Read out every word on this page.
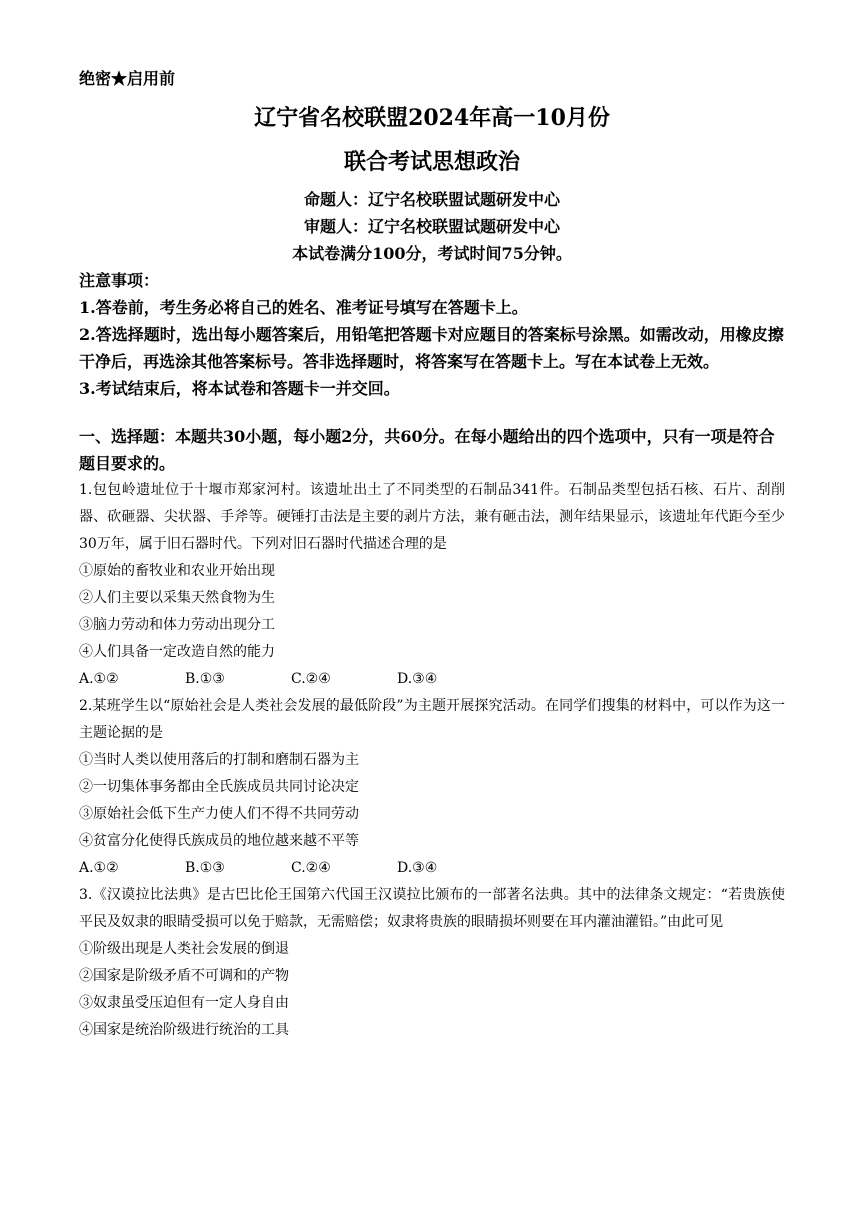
绝密★启用前
辽宁省名校联盟2024年高一10月份
联合考试思想政治
命题人：辽宁名校联盟试题研发中心
审题人：辽宁名校联盟试题研发中心
本试卷满分100分，考试时间75分钟。
注意事项：
1.答卷前，考生务必将自己的姓名、准考证号填写在答题卡上。
2.答选择题时，选出每小题答案后，用铅笔把答题卡对应题目的答案标号涂黑。如需改动，用橡皮擦干净后，再选涂其他答案标号。答非选择题时，将答案写在答题卡上。写在本试卷上无效。
3.考试结束后，将本试卷和答题卡一并交回。
一、选择题：本题共30小题，每小题2分，共60分。在每小题给出的四个选项中，只有一项是符合题目要求的。
1.包包岭遗址位于十堰市郑家河村。该遗址出土了不同类型的石制品341件。石制品类型包括石核、石片、刮削器、砍砸器、尖状器、手斧等。硬锤打击法是主要的剥片方法，兼有砸击法，测年结果显示，该遗址年代距今至少30万年，属于旧石器时代。下列对旧石器时代描述合理的是
①原始的畜牧业和农业开始出现
②人们主要以采集天然食物为生
③脑力劳动和体力劳动出现分工
④人们具备一定改造自然的能力
A.①②	B.①③	C.②④	D.③④
2.某班学生以“原始社会是人类社会发展的最低阶段”为主题开展探究活动。在同学们搜集的材料中，可以作为这一主题论据的是
①当时人类以使用落后的打制和磨制石器为主
②一切集体事务都由全氏族成员共同讨论决定
③原始社会低下生产力使人们不得不共同劳动
④贫富分化使得氏族成员的地位越来越不平等
A.①②	B.①③	C.②④	D.③④
3.《汉谟拉比法典》是古巴比伦王国第六代国王汉谟拉比颁布的一部著名法典。其中的法律条文规定：“若贵族使平民及奴隶的眼睛受损可以免于赔款，无需赔偿；奴隶将贵族的眼睛损坏则要在耳内灌油灌铅。”由此可见
①阶级出现是人类社会发展的倒退
②国家是阶级矛盾不可调和的产物
③奴隶虽受压迫但有一定人身自由
④国家是统治阶级进行统治的工具
